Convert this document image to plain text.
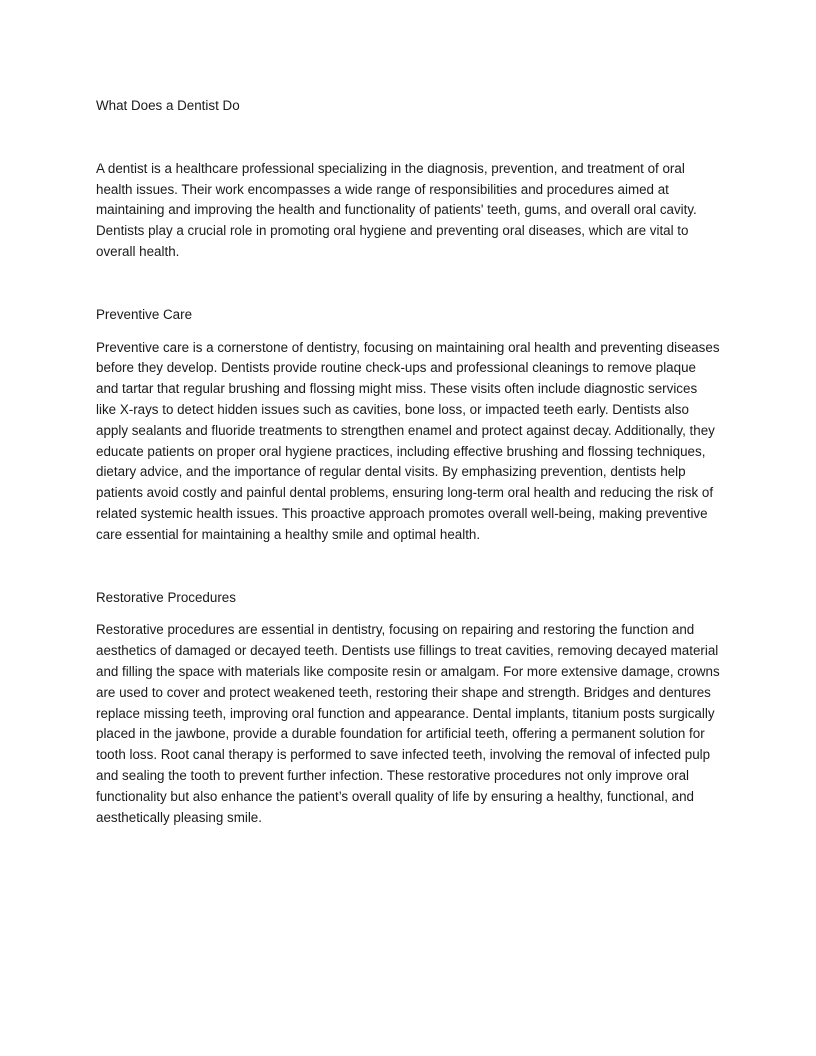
What Does a Dentist Do

A dentist is a healthcare professional specializing in the diagnosis, prevention, and treatment of oral health issues. Their work encompasses a wide range of responsibilities and procedures aimed at maintaining and improving the health and functionality of patients' teeth, gums, and overall oral cavity. Dentists play a crucial role in promoting oral hygiene and preventing oral diseases, which are vital to overall health.

Preventive Care

Preventive care is a cornerstone of dentistry, focusing on maintaining oral health and preventing diseases before they develop. Dentists provide routine check-ups and professional cleanings to remove plaque and tartar that regular brushing and flossing might miss. These visits often include diagnostic services like X-rays to detect hidden issues such as cavities, bone loss, or impacted teeth early. Dentists also apply sealants and fluoride treatments to strengthen enamel and protect against decay. Additionally, they educate patients on proper oral hygiene practices, including effective brushing and flossing techniques, dietary advice, and the importance of regular dental visits. By emphasizing prevention, dentists help patients avoid costly and painful dental problems, ensuring long-term oral health and reducing the risk of related systemic health issues. This proactive approach promotes overall well-being, making preventive care essential for maintaining a healthy smile and optimal health.

Restorative Procedures

Restorative procedures are essential in dentistry, focusing on repairing and restoring the function and aesthetics of damaged or decayed teeth. Dentists use fillings to treat cavities, removing decayed material and filling the space with materials like composite resin or amalgam. For more extensive damage, crowns are used to cover and protect weakened teeth, restoring their shape and strength. Bridges and dentures replace missing teeth, improving oral function and appearance. Dental implants, titanium posts surgically placed in the jawbone, provide a durable foundation for artificial teeth, offering a permanent solution for tooth loss. Root canal therapy is performed to save infected teeth, involving the removal of infected pulp and sealing the tooth to prevent further infection. These restorative procedures not only improve oral functionality but also enhance the patient’s overall quality of life by ensuring a healthy, functional, and aesthetically pleasing smile.
